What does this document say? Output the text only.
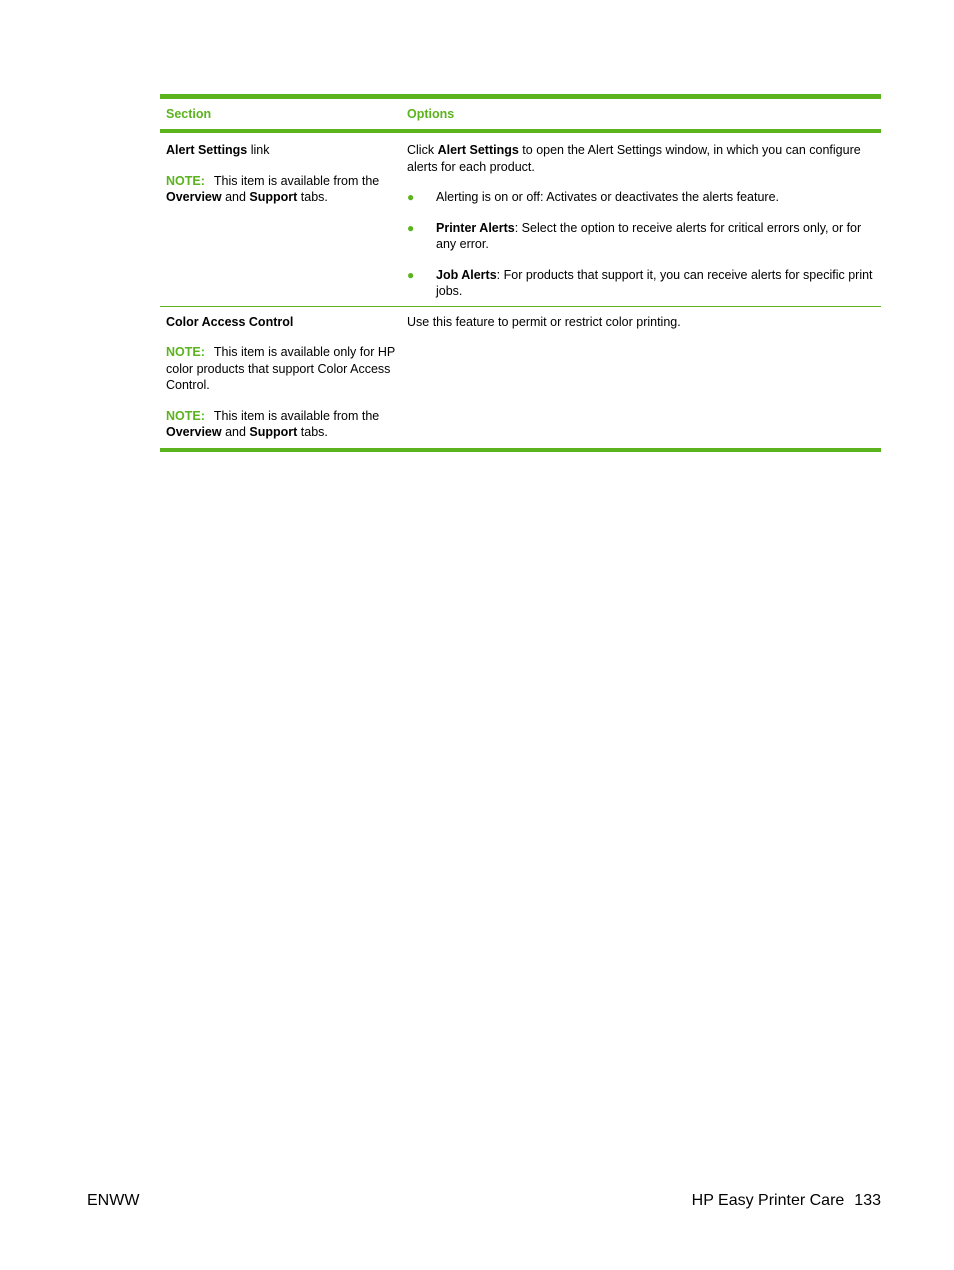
Section	Options

Alert Settings link

NOTE: This item is available from the
Overview and Support tabs.

Click Alert Settings to open the Alert Settings window, in which you can configure alerts for each product.

● Alerting is on or off: Activates or deactivates the alerts feature.
● Printer Alerts: Select the option to receive alerts for critical errors only, or for any error.
● Job Alerts: For products that support it, you can receive alerts for specific print jobs.

Color Access Control

NOTE: This item is available only for HP color products that support Color Access Control.

NOTE: This item is available from the
Overview and Support tabs.

Use this feature to permit or restrict color printing.

ENWW	HP Easy Printer Care 133
